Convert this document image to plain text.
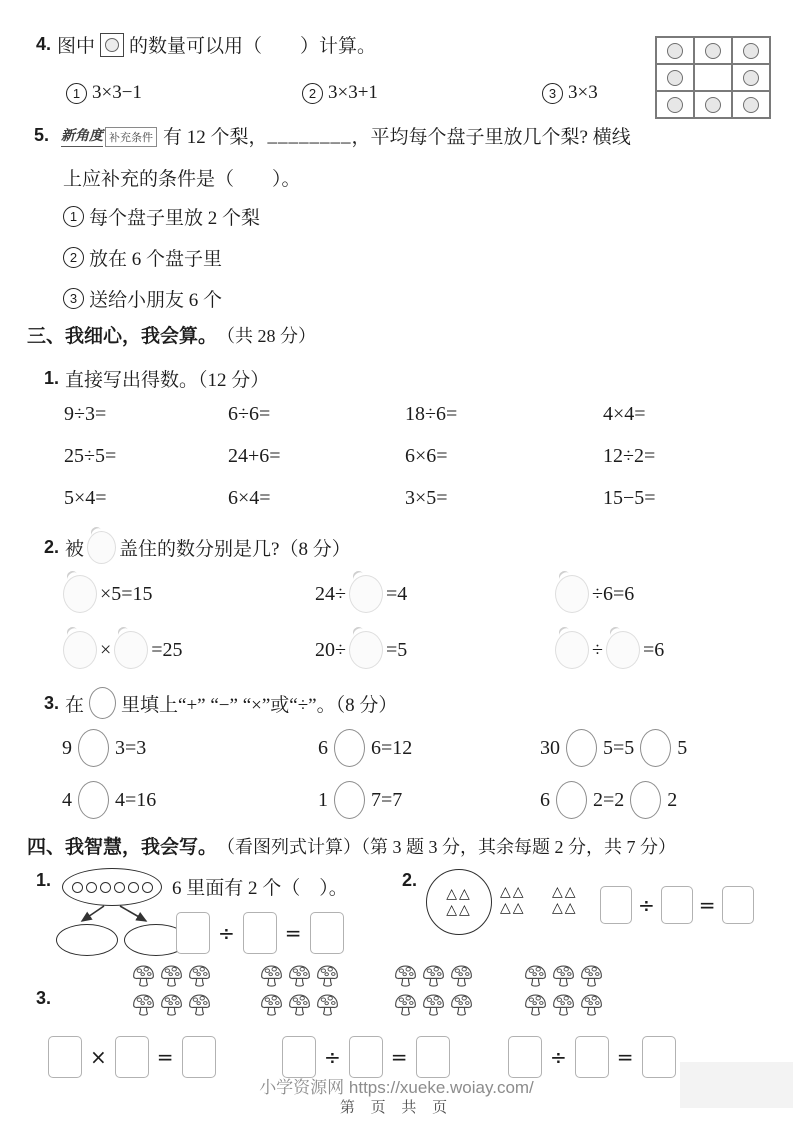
4. 图中 的数量可以用（　　）计算。
1 3×3−1	2 3×3+1	3 3×3
5. 新角度 补充条件 有 12 个梨， ________ ，平均每个盘子里放几个梨? 横线
上应补充的条件是（　　）。
1 每个盘子里放 2 个梨
2 放在 6 个盘子里
3 送给小朋友 6 个
三、我细心，我会算。 （共 28 分）
1. 直接写出得数。（12 分）
9÷3=	6÷6=	18÷6=	4×4=
25÷5=	24+6=	6×6=	12÷2=
5×4=	6×4=	3×5=	15−5=
2. 被 盖住的数分别是几?（8 分）
×5=15	24÷ =4	÷6=6
× =25	20÷ =5	÷ =6
3. 在 里填上“+” “−” “×”或“÷”。（8 分）
9 3=3	6 6=12	30 5=5 5
4 4=16	1 7=7	6 2=2 2
四、我智慧，我会写。 （看图列式计算）（第 3 题 3 分，其余每题 2 分，共 7 分）
1.	6 里面有 2 个（　）。
÷	=
2.
△△
△△
△△
△△
△△
△△	÷ =
3.
×	=	÷	=	÷	=
小学资源网 https://xueke.woiay.com/
第 页 共 页
